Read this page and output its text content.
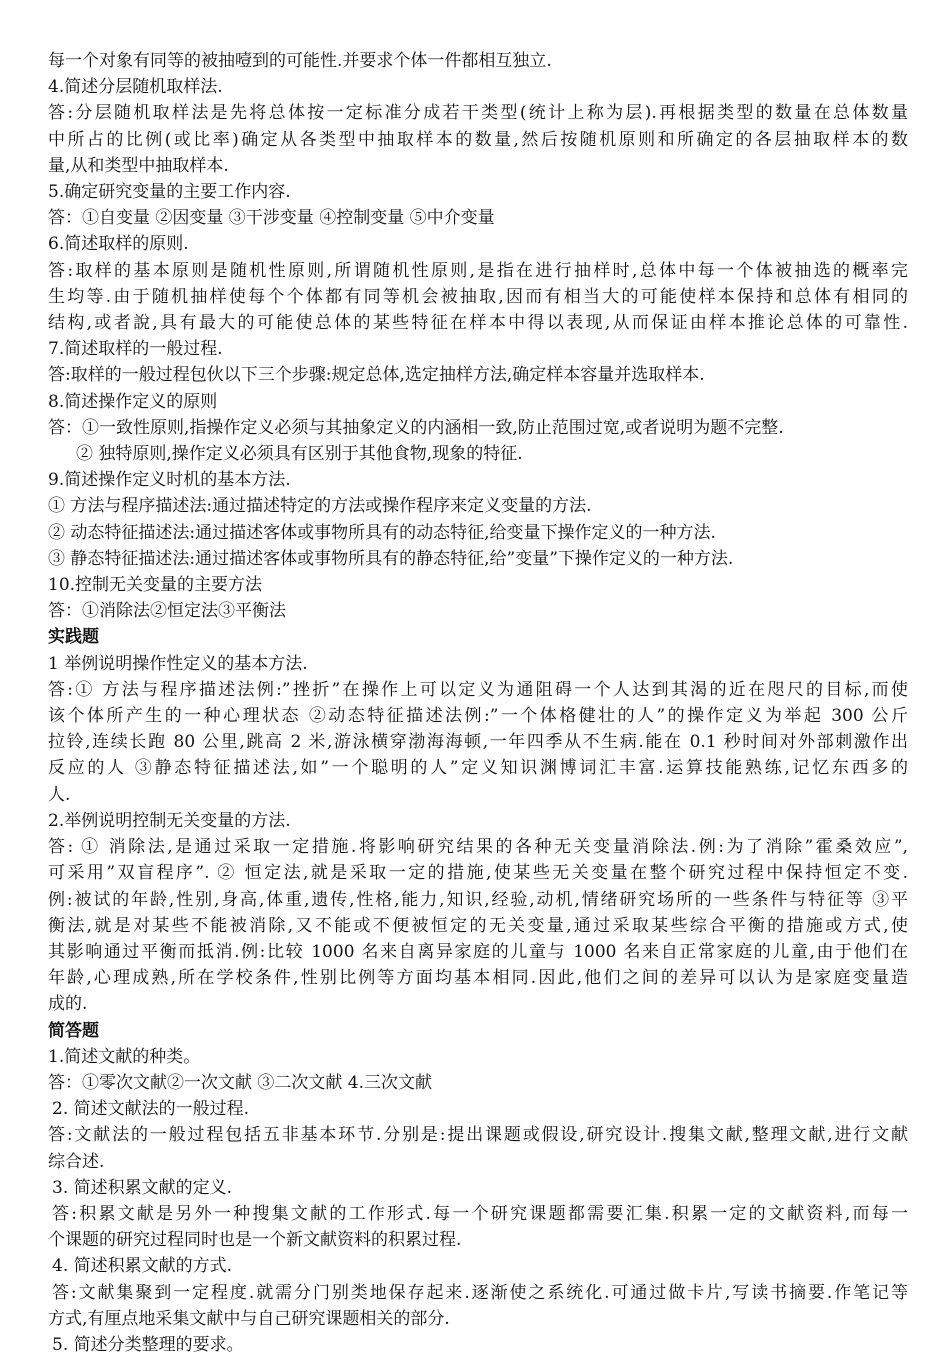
每一个对象有同等的被抽噎到的可能性.并要求个体一件都相互独立.
4.简述分层随机取样法.
答:分层随机取样法是先将总体按一定标准分成若干类型(统计上称为层).再根据类型的数量在总体数量
中所占的比例(或比率)确定从各类型中抽取样本的数量,然后按随机原则和所确定的各层抽取样本的数
量,从和类型中抽取样本.
5.确定研究变量的主要工作内容.
答：①自变量 ②因变量 ③干涉变量 ④控制变量 ⑤中介变量
6.简述取样的原则.
答:取样的基本原则是随机性原则,所谓随机性原则,是指在进行抽样时,总体中每一个体被抽选的概率完
生均等.由于随机抽样使每个个体都有同等机会被抽取,因而有相当大的可能使样本保持和总体有相同的
结构,或者說,具有最大的可能使总体的某些特征在样本中得以表现,从而保证由样本推论总体的可靠性.
7.简述取样的一般过程.
答:取样的一般过程包伙以下三个步骤:规定总体,选定抽样方法,确定样本容量并选取样本.
8.简述操作定义的原则
答：①一致性原则,指操作定义必须与其抽象定义的内涵相一致,防止范围过宽,或者说明为题不完整.
② 独特原则,操作定义必须具有区别于其他食物,现象的特征.
9.简述操作定义时机的基本方法.
① 方法与程序描述法:通过描述特定的方法或操作程序来定义变量的方法.
② 动态特征描述法:通过描述客体或事物所具有的动态特征,给变量下操作定义的一种方法.
③ 静态特征描述法:通过描述客体或事物所具有的静态特征,给”变量”下操作定义的一种方法.
10.控制无关变量的主要方法
答：①消除法②恒定法③平衡法
实践题
1 举例说明操作性定义的基本方法.
答:① 方法与程序描述法例:”挫折”在操作上可以定义为通阻碍一个人达到其渴的近在咫尺的目标,而使
该个体所产生的一种心理状态 ②动态特征描述法例:”一个体格健壮的人”的操作定义为举起 300 公斤
拉铃,连续长跑 80 公里,跳高 2 米,游泳横穿渤海海顿,一年四季从不生病.能在 0.1 秒时间对外部刺激作出
反应的人 ③静态特征描述法,如”一个聪明的人”定义知识渊博词汇丰富.运算技能熟练,记忆东西多的
人.
2.举例说明控制无关变量的方法.
答: ① 消除法,是通过采取一定措施.将影响研究结果的各种无关变量消除法.例:为了消除”霍桑效应”,
可采用”双盲程序”. ② 恒定法,就是采取一定的措施,使某些无关变量在整个研究过程中保持恒定不变.
例:被试的年龄,性别,身高,体重,遗传,性格,能力,知识,经验,动机,情绪研究场所的一些条件与特征等 ③平
衡法,就是对某些不能被消除,又不能或不便被恒定的无关变量,通过采取某些综合平衡的措施或方式,使
其影响通过平衡而抵消.例:比较 1000 名来自离异家庭的儿童与 1000 名来自正常家庭的儿童,由于他们在
年龄,心理成熟,所在学校条件,性别比例等方面均基本相同.因此,他们之间的差异可以认为是家庭变量造
成的.
简答题
1.简述文献的种类。
答：①零次文献②一次文献 ③二次文献 4.三次文献
2. 简述文献法的一般过程.
答:文献法的一般过程包括五非基本环节.分别是:提出课题或假设,研究设计.搜集文献,整理文献,进行文献
综合述.
3. 简述积累文献的定义.
答:积累文献是另外一种搜集文献的工作形式.每一个研究课题都需要汇集.积累一定的文献资料,而每一
个课题的研究过程同时也是一个新文献资料的积累过程.
4. 简述积累文献的方式.
答:文献集聚到一定程度.就需分门别类地保存起来.逐渐使之系统化.可通过做卡片,写读书摘要.作笔记等
方式,有厘点地采集文献中与自己研究课题相关的部分.
5. 简述分类整理的要求。
